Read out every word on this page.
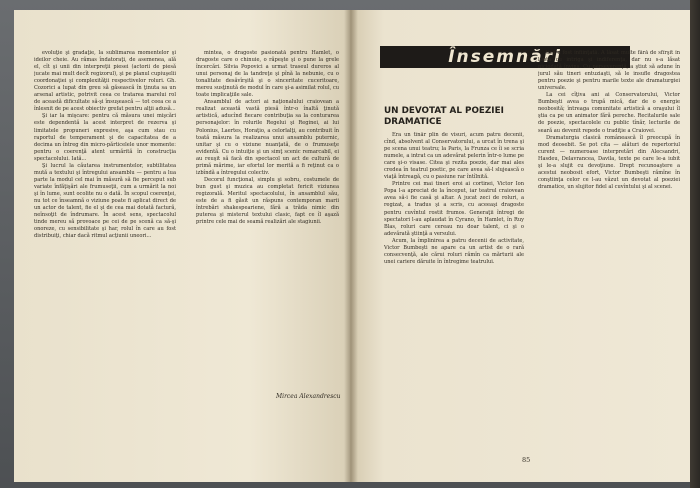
evoluţie şi gradaţie, la sublimarea momentelor şi ideilor cheie. Au rămas îndatoraţi, de asemenea, ală el, cît şi unii din interpreţii piesei (actorii de piesă jucate mai mult decît regizorul), şi pe planul cupiuşelii coordonaţiei şi complexităţii respectivelor roluri. Gh. Cozorici a lupat din greu să găsească în ţinuta sa un arsenal artistic, potrivit ceea ce tratarea marelui rol de această dificultate să-şi însuşească — tot ceea ce a înlesnit de pe acest obiectiv grefat pentru alţii adusă...

Şi iar la mişcare: pentru că măsura unei mişcări este dependentă la acest interpret de rezerva şi limitatele propuneri expresive, aşa cum stau cu raportul de temperament şi de capacitatea de a decima un întreg din micro-părticelele unor momente: pentru o coerenţă atent urmărită în construcţia spectacolului. Iată...

Şi lucrul la căutarea instrumentelor, subtilitatea mută a textului şi întregului ansamblu — pentru a lua parte la modul cel mai în măsură să fie perceput sub variate înfăţişări ale frumuseţii, cum a urmărit la noi şi în lume, sunt ocolite nu o dată. În scopul coerenţei, nu tot ce înseamnă o viziune poate fi aplicat direct de un actor de talent, fie el şi de cea mai dotată factură, neînsoţit de îndrumare. În acest sens, spectacolul tinde mereu să provoace pe cei de pe scenă ca să-şi onoreze, cu sensibilitate şi har, rolul în care au fost distribuiţi, chiar dacă ritmul acţiunii uneori...

mintea, o dragoste pasionată pentru Hamlet, o dragoste care o chinuie, o răpeşte şi o pune la grele încercări. Silvia Popovici a urmat traseul dureros al unui personaj de la tandreţe şi pînă la nebunie, cu o tonalitate desăvîrşită şi o sinceritate cuceritoare, mereu susţinută de modul în care şi-a asimilat rolul, cu toate implicaţiile sale.

Ansamblul de actori ai naţionalului craiovean a realizat această vastă piesă într-o înaltă ţinută artistică, aducînd fiecare contribuţia sa la conturarea personajelor: în rolurile Regelui şi Reginei, ai lui Polonius, Laertes, Horaţio, a celorlalţi, au contribuit în toată măsura la realizarea unui ansamblu puternic, unitar şi cu o viziune nuanţată, de o frumuseţe evidentă. Cu o intuiţie şi un simţ scenic remarcabil, ei au reuşit să facă din spectacol un act de cultură de primă mărime, iar efortul lor merită a fi reţinut ca o izbîndă a întregului colectiv.

Decorul funcţional, simplu şi sobru, costumele de bun gust şi muzica au completat fericit viziunea regizorală. Meritul spectacolului, în ansamblul său, este de a fi găsit un răspuns contemporan marii întrebări shakespeariene, fără a trăda nimic din puterea şi misterul textului clasic, fapt ce îl aşază printre cele mai de seamă realizări ale stagiunii.

Mircea Alexandrescu
Însemnări
UN DEVOTAT AL POEZIEI DRAMATICE

Era un tînăr plin de visuri, acum patru decenii, cînd, absolvent al Conservatorului, a urcat în trena şi pe scena unui teatru; la Paris, la Frunza ce îi se scria numele, a intrat ca un adevărat pelerin într-o lume pe care şi-o visase. Citea şi rezita poezie, dar mai ales credea în teatrul poetic, pe care avea să-l slujească o viaţă întreagă, cu o pasiune rar întîlnită.

Printre cei mai tineri eroi ai cortinei, Victor Ion Popa l-a apreciat de la început, iar teatrul craiovean avea să-i fie casă şi altar. A jucat zeci de roluri, a regizat, a tradus şi a scris, cu aceeaşi dragoste pentru cuvîntul rostit frumos. Generaţii întregi de spectatori l-au aplaudat în Cyrano, în Hamlet, în Ruy Blas, roluri care cereau nu doar talent, ci şi o adevărată ştiinţă a versului.

Acum, la împlinirea a patru decenii de activitate, Victor Bumbeşti ne apare ca un artist de o rară consecvenţă, ale cărui roluri rămîn ca mărturii ale unei cariere dăruite în întregime teatrului.

tică a fost înfiinţată. A lăsat multe fără de sfîrşit în lupta cu intriga şi indiferenţa, dar nu s-a lăsat niciodată învins. Cu perseverenţă, a ştiut să adune în jurul său tineri entuziaşti, să le insufle dragostea pentru poezie şi pentru marile texte ale dramaturgiei universale.

La cei cîţiva ani ai Conservatorului, Victor Bumbeşti avea o trupă mică, dar de o energie neobosită; întreaga comunitate artistică a oraşului îl ştia ca pe un animator fără pereche. Recitalurile sale de poezie, spectacolele cu public tînăr, lecturile de seară au devenit repede o tradiţie a Craiovei.

Dramaturgia clasică românească îl preocupă în mod deosebit. Se pot cita — alături de repertoriul curent — numeroase interpretări din Alecsandri, Hasdeu, Delavrancea, Davila, texte pe care le-a iubit şi le-a slujit cu devoţiune. Drept recunoaştere a acestui neobosit efort, Victor Bumbeşti rămîne în conştiinţa celor ce l-au văzut un devotat al poeziei dramatice, un slujitor fidel al cuvîntului şi al scenei.

85
